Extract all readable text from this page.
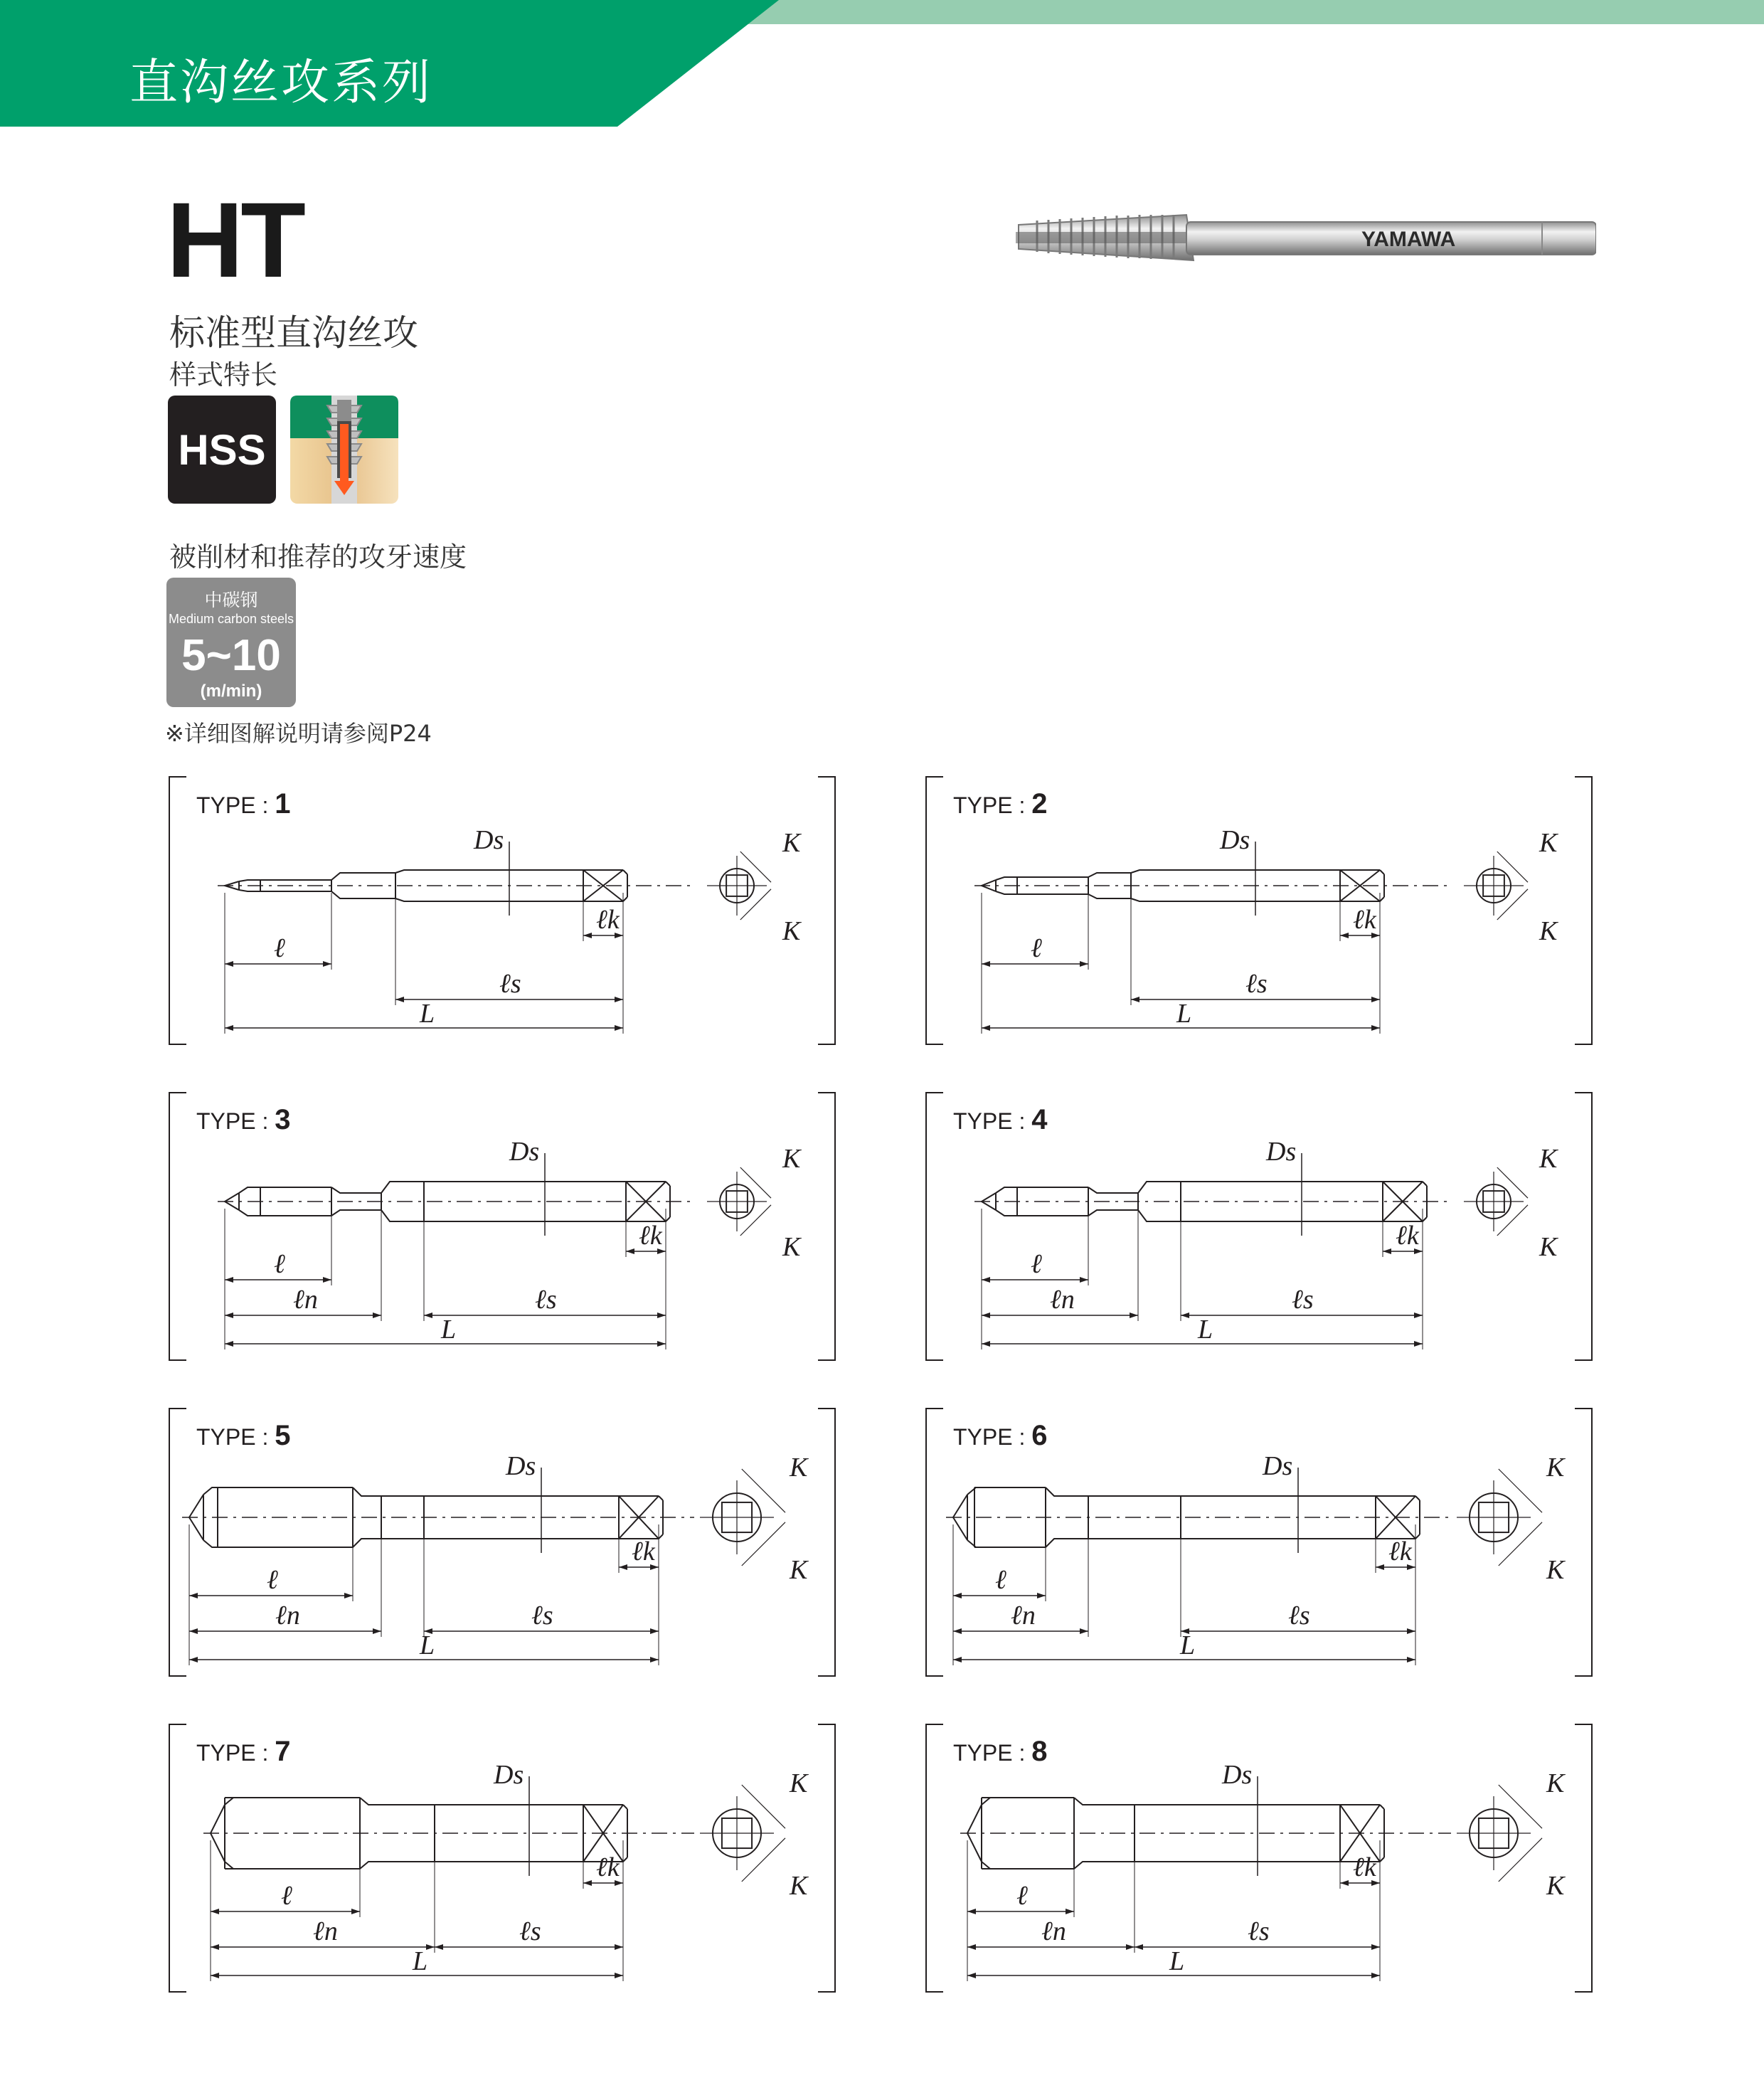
直沟丝攻系列
HT
标准型直沟丝攻
样式特长
HSS
被削材和推荐的攻牙速度
中碳钢
Medium carbon steels
5~10
(m/min)
※详细图解说明请参阅P24
YAMAWA
TYPE : 1
Ds	K
ℓk
ℓ
ℓs
L
K
TYPE : 2
Ds	K
ℓk
ℓ
ℓs
L
K
TYPE : 3
Ds	K
ℓk
ℓ
ℓn	ℓs
L
K
TYPE : 4
Ds	K
ℓk
ℓ
ℓn	ℓs
L
K
TYPE : 5
Ds	K
ℓk
ℓ
ℓn	ℓs
L
K
TYPE : 6
Ds	K
ℓk
ℓ
ℓn	ℓs
L
K
TYPE : 7
Ds	K
ℓk
ℓ
ℓn	ℓs
L
K
TYPE : 8
Ds	K
ℓk
ℓ
ℓn	ℓs
L
K
